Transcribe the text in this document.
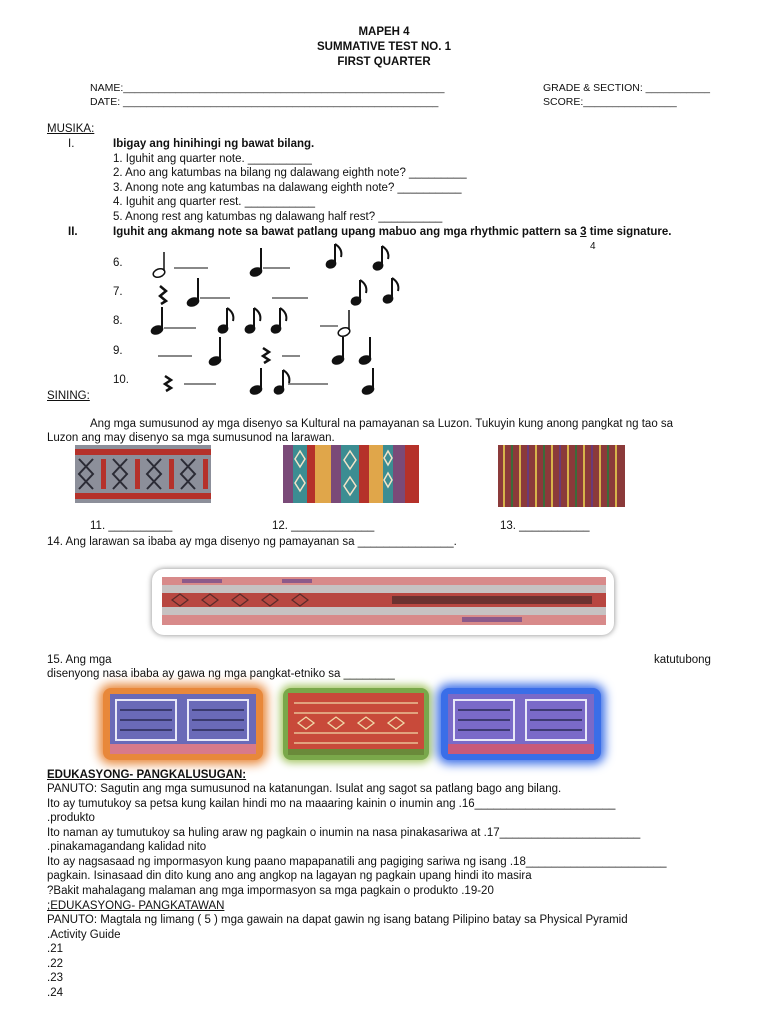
MAPEH 4
SUMMATIVE TEST NO. 1
FIRST QUARTER
NAME:_______________________________________________________	GRADE & SECTION: ___________
DATE: ______________________________________________________	SCORE:________________
MUSIKA:
I.	Ibigay ang hinihingi ng bawat bilang.
1. Iguhit ang quarter note. __________
2. Ano ang katumbas na bilang ng dalawang eighth note? _________
3. Anong note ang katumbas na dalawang eighth note? __________
4. Iguhit ang quarter rest. ___________
5. Anong rest ang katumbas ng dalawang half rest? __________
II.	Iguhit ang akmang note sa bawat patlang upang mabuo ang mga rhythmic pattern sa 3 time signature.
4
6.
7.
8.
9.
10.
SINING:
Ang mga sumusunod ay mga disenyo sa Kultural na pamayanan sa Luzon. Tukuyin kung anong pangkat ng tao sa
Luzon ang may disenyo sa mga sumusunod na larawan.
11. __________	12. _____________	13. ___________
14. Ang larawan sa ibaba ay mga disenyo ng pamayanan sa _______________.
15. Ang mga	katutubong
disenyong nasa ibaba ay gawa ng mga pangkat-etniko sa ________
EDUKASYONG- PANGKALUSUGAN:
PANUTO: Sagutin ang mga sumusunod na katanungan. Isulat ang sagot sa patlang bago ang bilang.
Ito ay tumutukoy sa petsa kung kailan hindi mo na maaaring kainin o inumin ang .16______________________
.produkto
Ito naman ay tumutukoy sa huling araw ng pagkain o inumin na nasa pinakasariwa at .17______________________
.pinakamagandang kalidad nito
Ito ay nagsasaad ng impormasyon kung paano mapapanatili ang pagiging sariwa ng isang .18______________________
pagkain. Isinasaad din dito kung ano ang angkop na lagayan ng pagkain upang hindi ito masira
?Bakit mahalagang malaman ang mga impormasyon sa mga pagkain o produkto .19-20
;EDUKASYONG- PANGKATAWAN
PANUTO: Magtala ng limang ( 5 ) mga gawain na dapat gawin ng isang batang Pilipino batay sa Physical Pyramid
.Activity Guide
.21
.22
.23
.24
